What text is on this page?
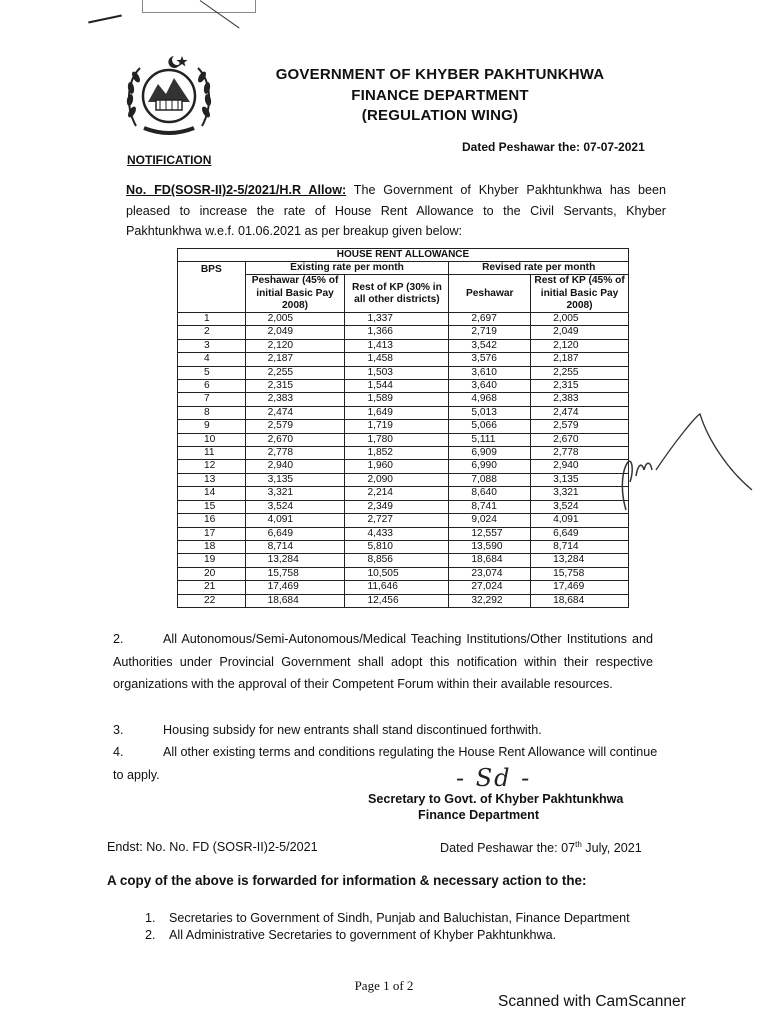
GOVERNMENT OF KHYBER PAKHTUNKHWA
FINANCE DEPARTMENT
(REGULATION WING)
Dated Peshawar the: 07-07-2021
NOTIFICATION
No. FD(SOSR-II)2-5/2021/H.R Allow: The Government of Khyber Pakhtunkhwa has been pleased to increase the rate of House Rent Allowance to the Civil Servants, Khyber Pakhtunkhwa w.e.f. 01.06.2021 as per breakup given below:
HOUSE RENT ALLOWANCE				
BPS	Existing rate per month		Revised rate per month	
	Peshawar (45% of initial Basic Pay 2008)	Rest of KP (30% in all other districts)	Peshawar	Rest of KP (45% of initial Basic Pay 2008)
1	2,005	1,337	2,697	2,005
2	2,049	1,366	2,719	2,049
3	2,120	1,413	3,542	2,120
4	2,187	1,458	3,576	2,187
5	2,255	1,503	3,610	2,255
6	2,315	1,544	3,640	2,315
7	2,383	1,589	4,968	2,383
8	2,474	1,649	5,013	2,474
9	2,579	1,719	5,066	2,579
10	2,670	1,780	5,111	2,670
11	2,778	1,852	6,909	2,778
12	2,940	1,960	6,990	2,940
13	3,135	2,090	7,088	3,135
14	3,321	2,214	8,640	3,321
15	3,524	2,349	8,741	3,524
16	4,091	2,727	9,024	4,091
17	6,649	4,433	12,557	6,649
18	8,714	5,810	13,590	8,714
19	13,284	8,856	18,684	13,284
20	15,758	10,505	23,074	15,758
21	17,469	11,646	27,024	17,469
22	18,684	12,456	32,292	18,684
2.	All Autonomous/Semi-Autonomous/Medical Teaching Institutions/Other Institutions and Authorities under Provincial Government shall adopt this notification within their respective organizations with the approval of their Competent Forum within their available resources.
3.	Housing subsidy for new entrants shall stand discontinued forthwith.
4.	All other existing terms and conditions regulating the House Rent Allowance will continue to apply.	- Sd -
Secretary to Govt. of Khyber Pakhtunkhwa
Finance Department
Endst: No. No. FD (SOSR-II)2-5/2021	Dated Peshawar the: 07th July, 2021
A copy of the above is forwarded for information & necessary action to the:
1.	Secretaries to Government of Sindh, Punjab and Baluchistan, Finance Department
2.	All Administrative Secretaries to government of Khyber Pakhtunkhwa.
Page 1 of 2
Scanned with CamScanner
